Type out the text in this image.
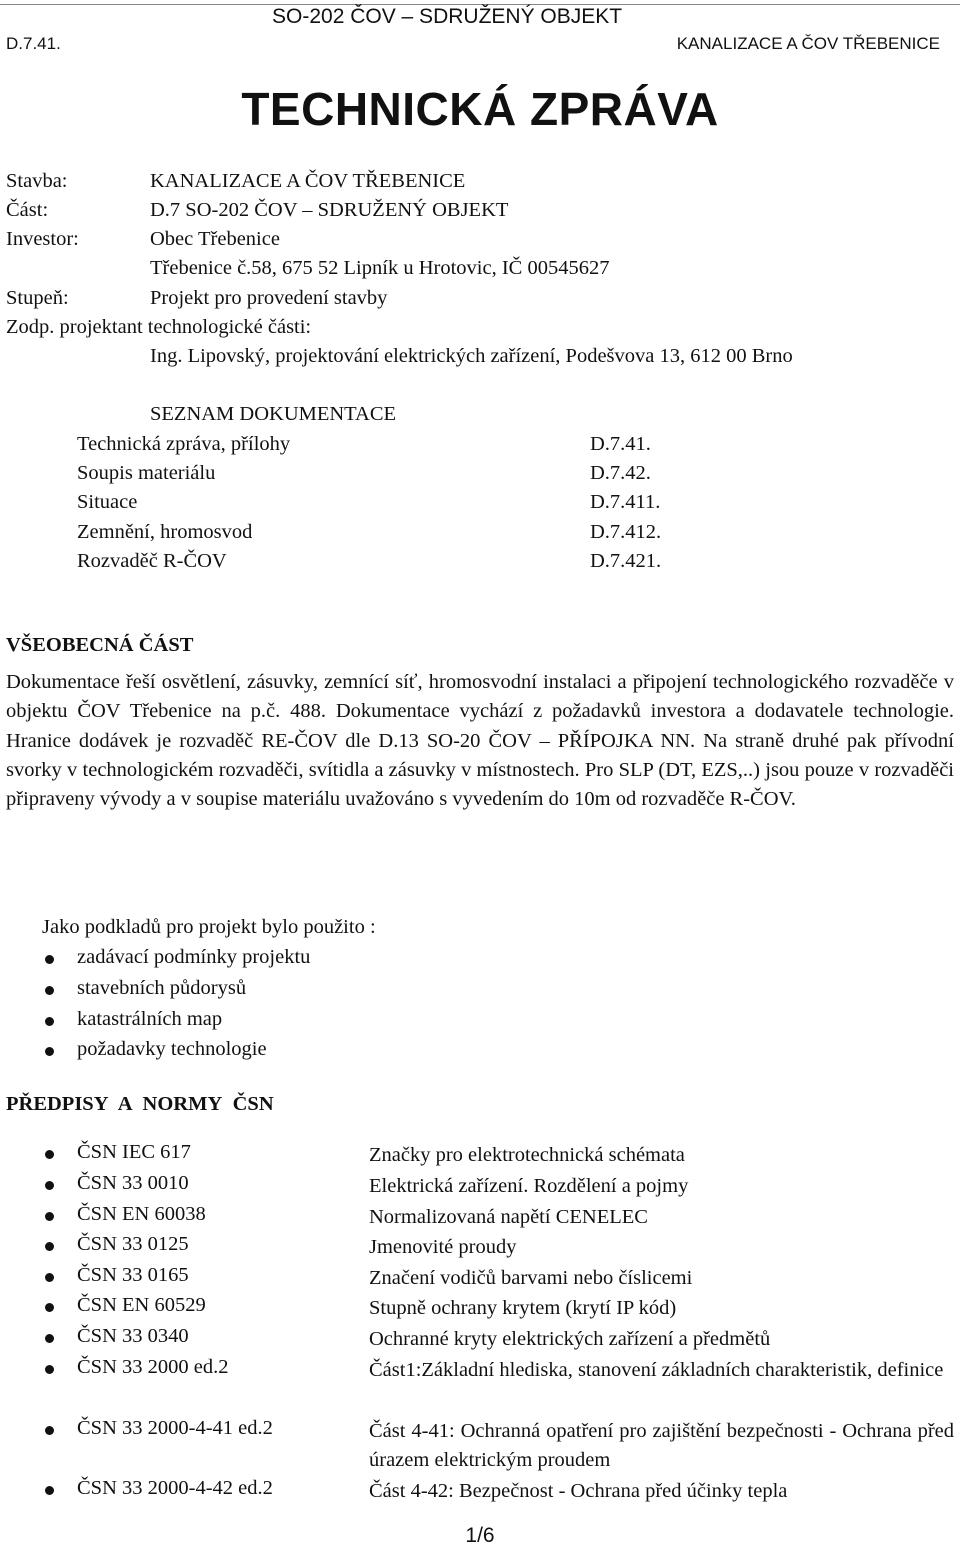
SO-202 ČOV – SDRUŽENÝ OBJEKT
D.7.41.	KANALIZACE A ČOV TŘEBENICE
TECHNICKÁ ZPRÁVA
Stavba:	KANALIZACE A ČOV TŘEBENICE
Část:	D.7 SO-202 ČOV – SDRUŽENÝ OBJEKT
Investor:	Obec Třebenice
Třebenice č.58, 675 52 Lipník u Hrotovic, IČ 00545627
Stupeň:	Projekt pro provedení stavby
Zodp. projektant technologické části:
Ing. Lipovský, projektování elektrických zařízení, Podešvova 13, 612 00 Brno
SEZNAM DOKUMENTACE
Technická zpráva, přílohy	D.7.41.
Soupis materiálu	D.7.42.
Situace	D.7.411.
Zemnění, hromosvod	D.7.412.
Rozvaděč R-ČOV	D.7.421.
VŠEOBECNÁ ČÁST
Dokumentace řeší osvětlení, zásuvky, zemnící síť, hromosvodní instalaci a připojení technologického rozvaděče v objektu ČOV Třebenice na p.č. 488. Dokumentace vychází z požadavků investora a dodavatele technologie. Hranice dodávek je rozvaděč RE-ČOV dle D.13 SO-20 ČOV – PŘÍPOJKA NN. Na straně druhé pak přívodní svorky v technologickém rozvaděči, svítidla a zásuvky v místnostech. Pro SLP (DT, EZS,..) jsou pouze v rozvaděči připraveny vývody a v soupise materiálu uvažováno s vyvedením do 10m od rozvaděče R-ČOV.
Jako podkladů pro projekt bylo použito :
zadávací podmínky projektu
stavebních půdorysů
katastrálních map
požadavky technologie
PŘEDPISY A NORMY ČSN
ČSN IEC 617	Značky pro elektrotechnická schémata
ČSN 33 0010	Elektrická zařízení. Rozdělení a pojmy
ČSN EN 60038	Normalizovaná napětí CENELEC
ČSN 33 0125	Jmenovité proudy
ČSN 33 0165	Značení vodičů barvami nebo číslicemi
ČSN EN 60529	Stupně ochrany krytem (krytí IP kód)
ČSN 33 0340	Ochranné kryty elektrických zařízení a předmětů
ČSN 33 2000 ed.2	Část1:Základní hlediska, stanovení základních charakteristik, definice
ČSN 33 2000-4-41 ed.2	Část 4-41: Ochranná opatření pro zajištění bezpečnosti - Ochrana před úrazem elektrickým proudem
ČSN 33 2000-4-42 ed.2	Část 4-42: Bezpečnost - Ochrana před účinky tepla
1/6
